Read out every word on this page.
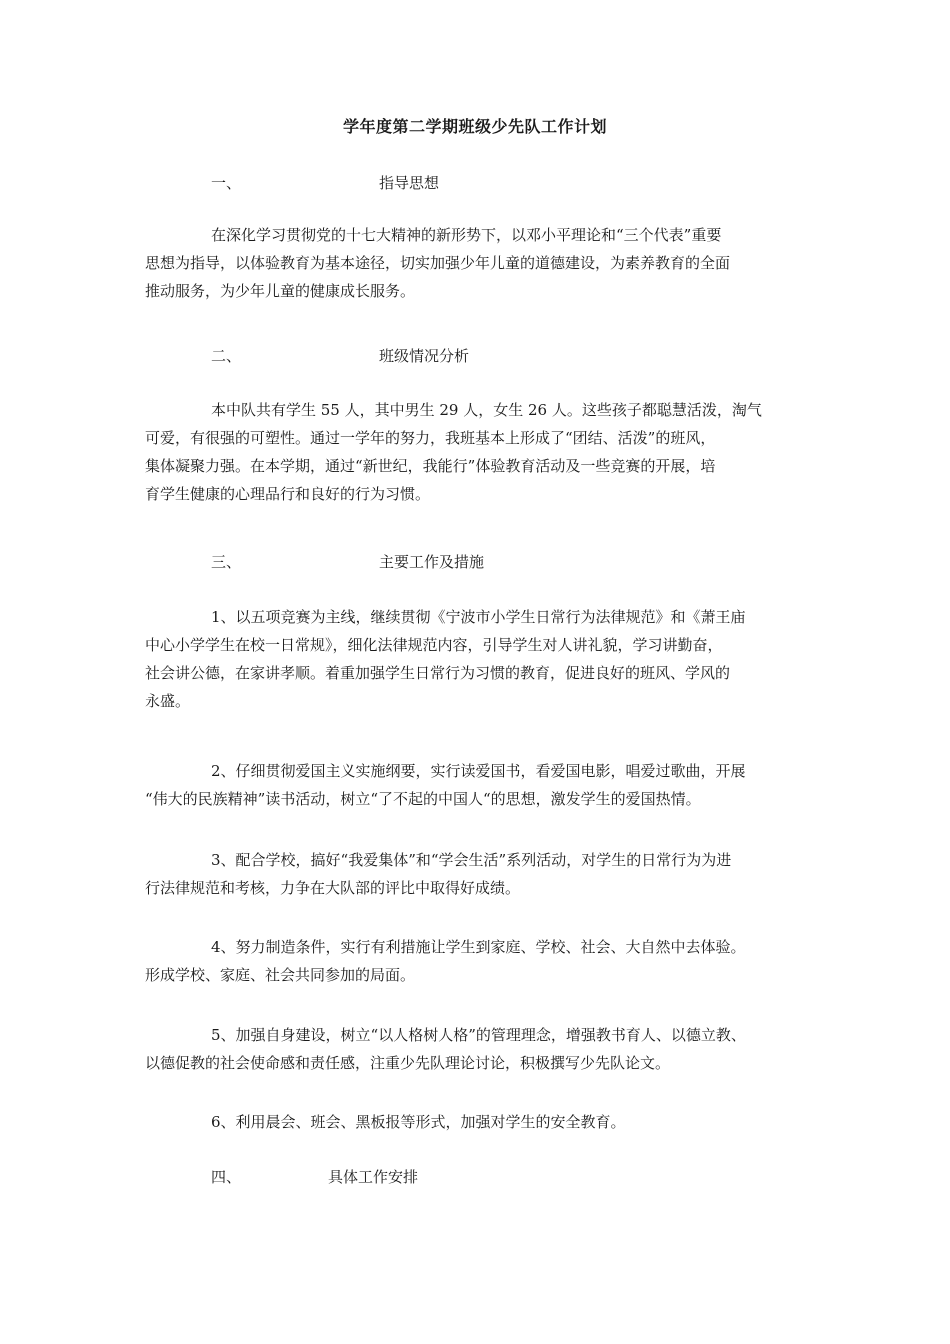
学年度第二学期班级少先队工作计划
一、	指导思想
在深化学习贯彻党的十七大精神的新形势下，以邓小平理论和“三个代表”重要
思想为指导，以体验教育为基本途径，切实加强少年儿童的道德建设，为素养教育的全面
推动服务，为少年儿童的健康成长服务。
二、	班级情况分析
本中队共有学生 55 人，其中男生 29 人，女生 26 人。这些孩子都聪慧活泼，淘气
可爱，有很强的可塑性。通过一学年的努力，我班基本上形成了“团结、活泼”的班风，
集体凝聚力强。在本学期，通过“新世纪，我能行”体验教育活动及一些竞赛的开展，培
育学生健康的心理品行和良好的行为习惯。
三、	主要工作及措施
1、以五项竞赛为主线，继续贯彻《宁波市小学生日常行为法律规范》和《萧王庙
中心小学学生在校一日常规》，细化法律规范内容，引导学生对人讲礼貌，学习讲勤奋，
社会讲公德，在家讲孝顺。着重加强学生日常行为习惯的教育，促进良好的班风、学风的
永盛。
2、仔细贯彻爱国主义实施纲要，实行读爱国书，看爱国电影，唱爱过歌曲，开展
“伟大的民族精神”读书活动，树立“了不起的中国人“的思想，激发学生的爱国热情。
3、配合学校，搞好“我爱集体”和“学会生活”系列活动，对学生的日常行为为进
行法律规范和考核，力争在大队部的评比中取得好成绩。
4、努力制造条件，实行有利措施让学生到家庭、学校、社会、大自然中去体验。
形成学校、家庭、社会共同参加的局面。
5、加强自身建设，树立“以人格树人格”的管理理念，增强教书育人、以德立教、
以德促教的社会使命感和责任感，注重少先队理论讨论，积极撰写少先队论文。
6、利用晨会、班会、黑板报等形式，加强对学生的安全教育。
四、	具体工作安排
